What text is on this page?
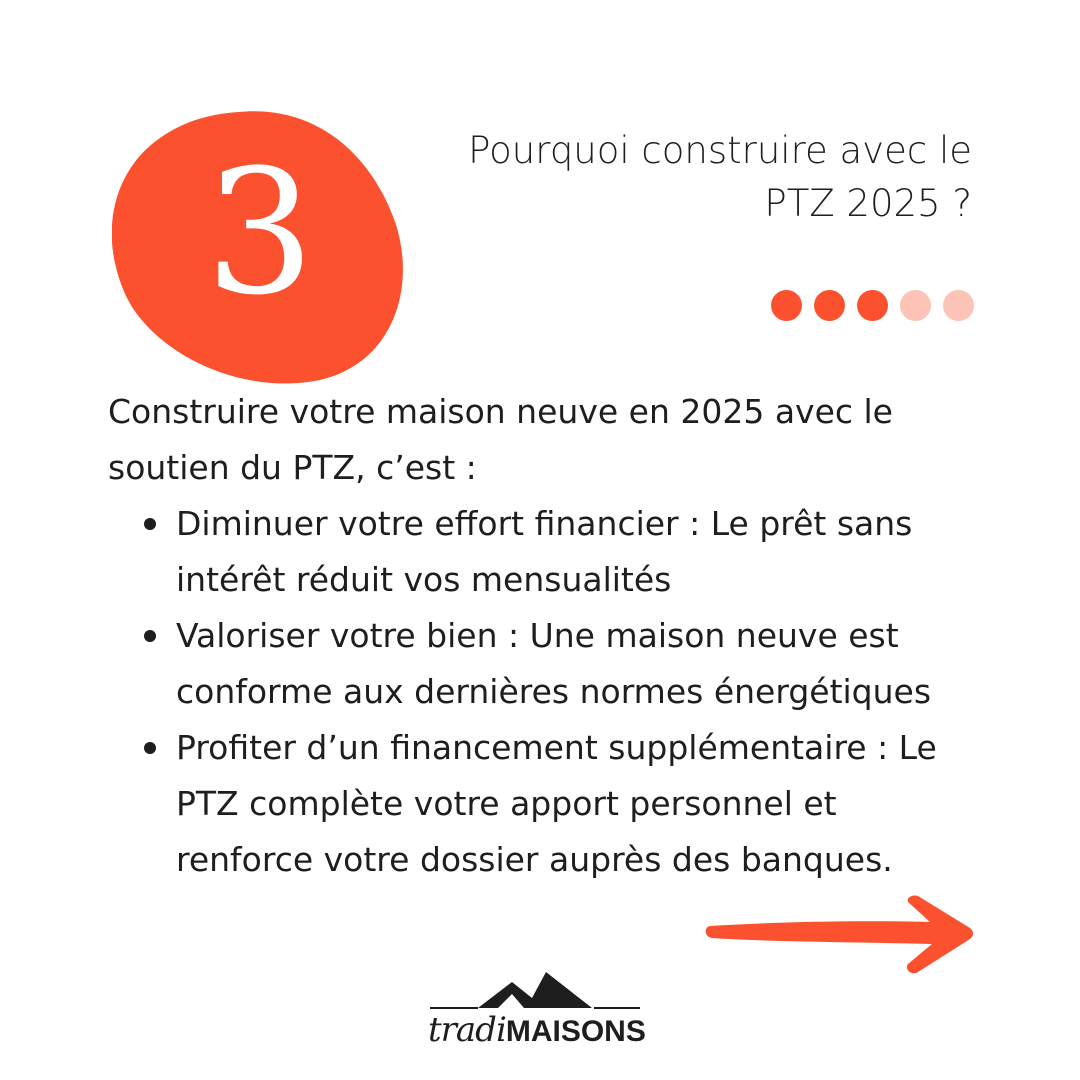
3	Pourquoi construire avec le
PTZ 2025 ?
Construire votre maison neuve en 2025 avec le
soutien du PTZ, c’est :
Diminuer votre effort financier : Le prêt sans
intérêt réduit vos mensualités
Valoriser votre bien : Une maison neuve est
conforme aux dernières normes énergétiques
Profiter d’un financement supplémentaire : Le
PTZ complète votre apport personnel et
renforce votre dossier auprès des banques.
tradiMAISONS
